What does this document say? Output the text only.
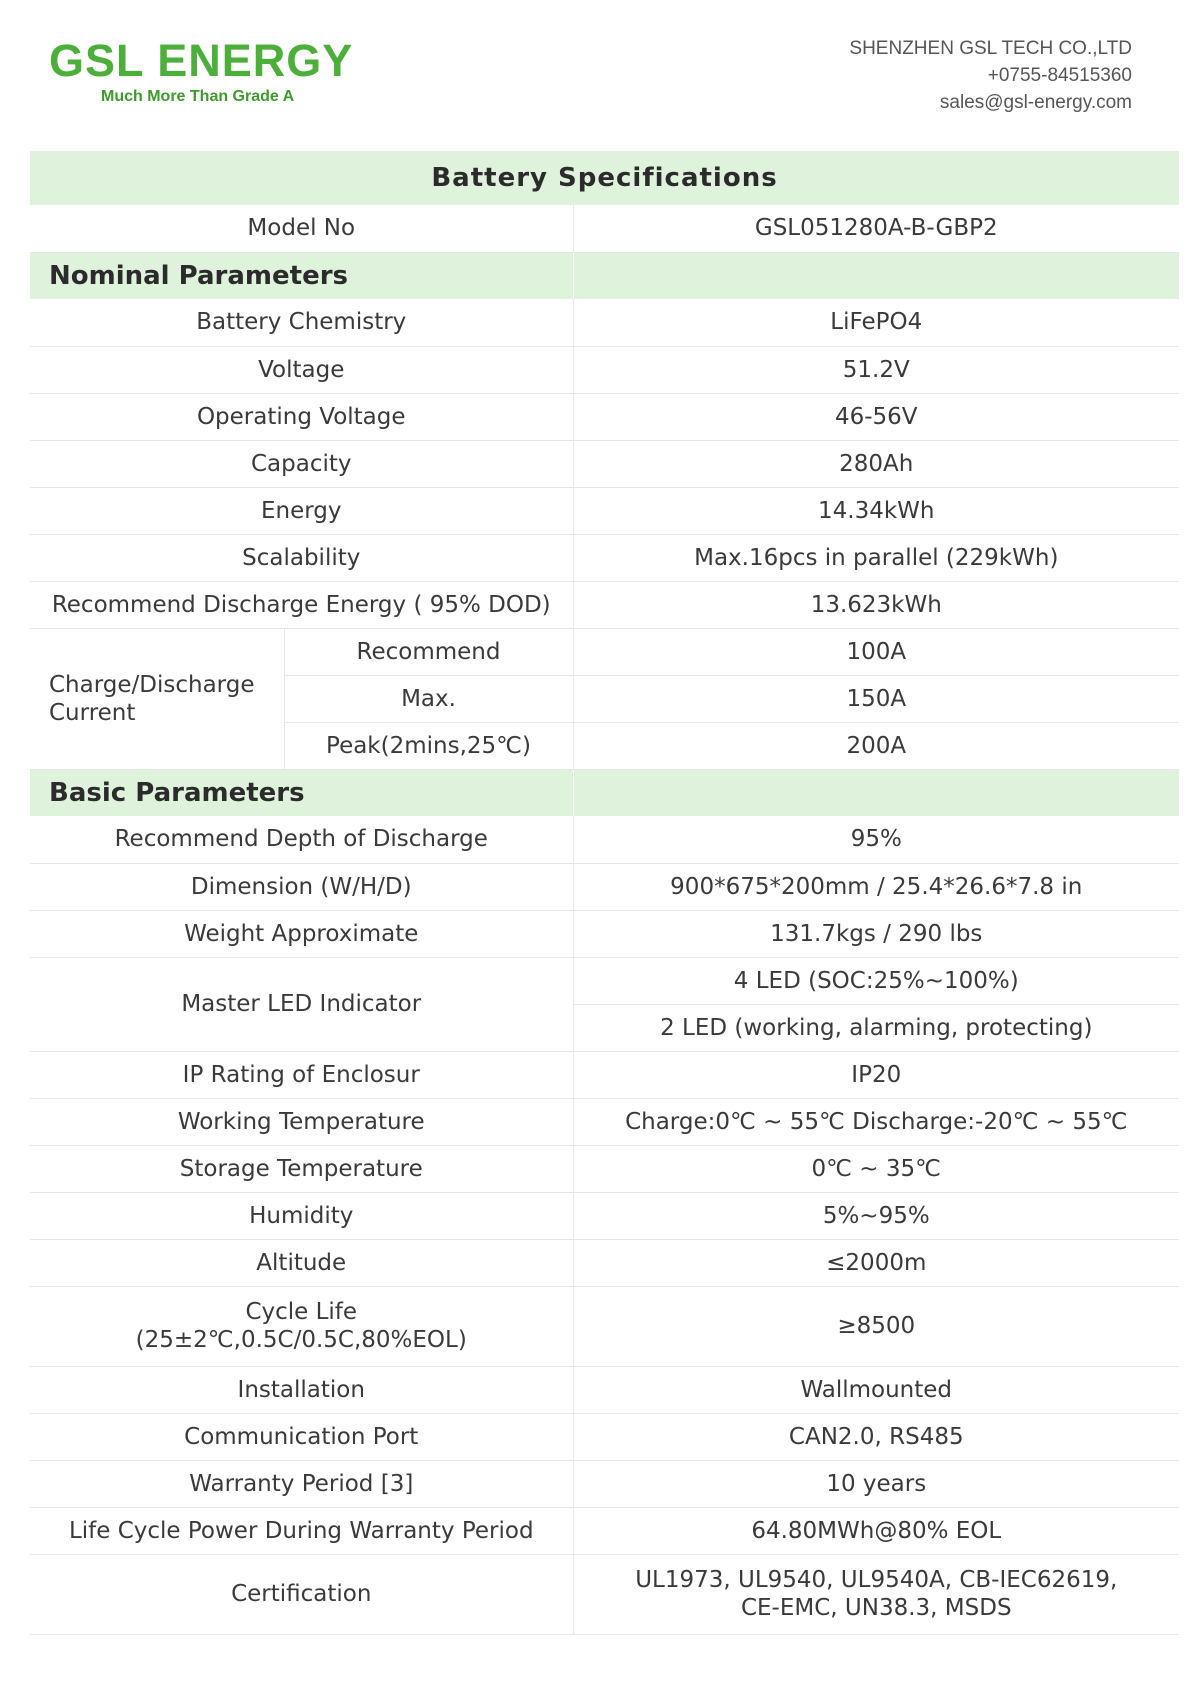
GSL ENERGY
Much More Than Grade A
SHENZHEN GSL TECH CO.,LTD
+0755-84515360
sales@gsl-energy.com
Battery Specifications		
Model No		GSL051280A-B-GBP2
Nominal Parameters		
Battery Chemistry		LiFePO4
Voltage		51.2V
Operating Voltage		46-56V
Capacity		280Ah
Energy		14.34kWh
Scalability		Max.16pcs in parallel (229kWh)
Recommend Discharge Energy ( 95% DOD)		13.623kWh

Charge/Discharge
Current	Recommend	100A
	Max.	150A
	Peak(2mins,25℃)	200A
Basic Parameters		
Recommend Depth of Discharge		95%
Dimension (W/H/D)		900*675*200mm / 25.4*26.6*7.8 in
Weight Approximate		131.7kgs / 290 lbs
Master LED Indicator		4 LED (SOC:25%~100%)
		2 LED (working, alarming, protecting)
IP Rating of Enclosur		IP20
Working Temperature		Charge:0℃ ~ 55℃ Discharge:-20℃ ~ 55℃
Storage Temperature		0℃ ~ 35℃
Humidity		5%~95%
Altitude		≤2000m

Cycle Life
(25±2℃,0.5C/0.5C,80%EOL)		≥8500
Installation		Wallmounted
Communication Port		CAN2.0, RS485
Warranty Period [3]		10 years
Life Cycle Power During Warranty Period		64.80MWh@80% EOL
Certification		UL1973, UL9540, UL9540A, CB-IEC62619,
CE-EMC, UN38.3, MSDS
